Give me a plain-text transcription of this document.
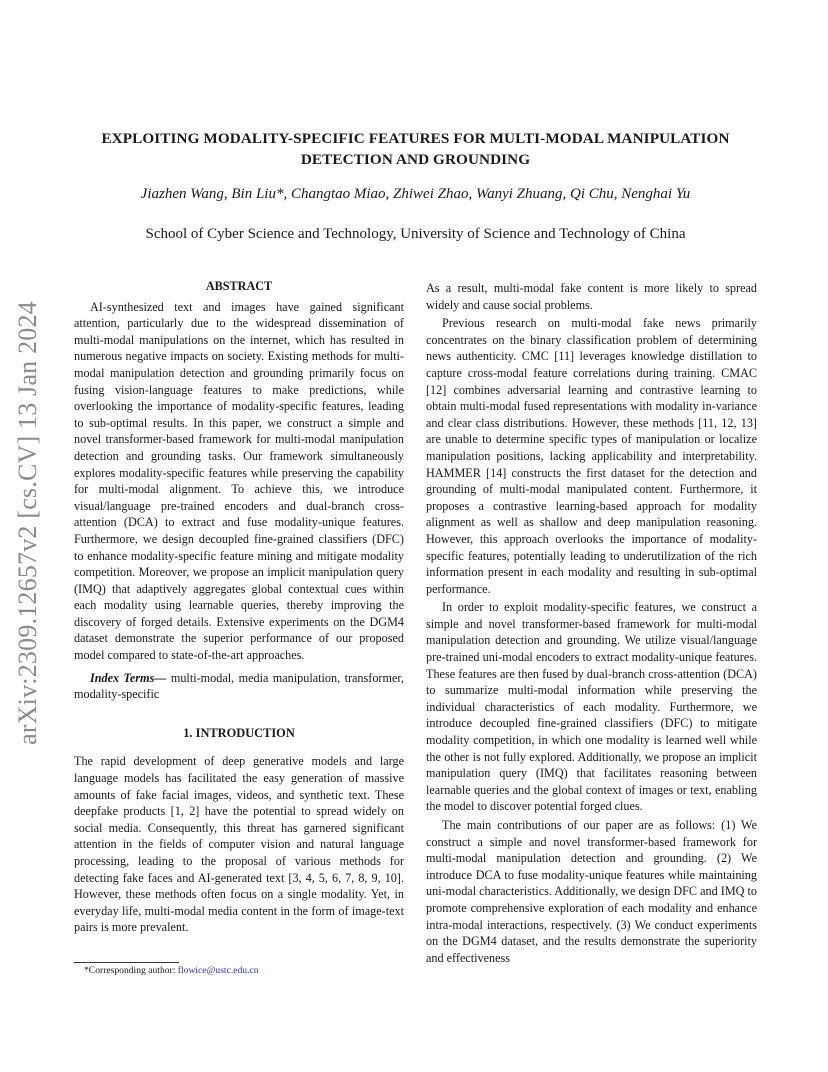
arXiv:2309.12657v2 [cs.CV] 13 Jan 2024
EXPLOITING MODALITY-SPECIFIC FEATURES FOR MULTI-MODAL MANIPULATION
DETECTION AND GROUNDING
Jiazhen Wang, Bin Liu*, Changtao Miao, Zhiwei Zhao, Wanyi Zhuang, Qi Chu, Nenghai Yu
School of Cyber Science and Technology, University of Science and Technology of China
ABSTRACT

AI-synthesized text and images have gained significant attention, particularly due to the widespread dissemination of multi-modal manipulations on the internet, which has resulted in numerous negative impacts on society. Existing methods for multi-modal manipulation detection and grounding primarily focus on fusing vision-language features to make predictions, while overlooking the importance of modality-specific features, leading to sub-optimal results. In this paper, we construct a simple and novel transformer-based framework for multi-modal manipulation detection and grounding tasks. Our framework simultaneously explores modality-specific features while preserving the capability for multi-modal alignment. To achieve this, we introduce visual/language pre-trained encoders and dual-branch cross-attention (DCA) to extract and fuse modality-unique features. Furthermore, we design decoupled fine-grained classifiers (DFC) to enhance modality-specific feature mining and mitigate modality competition. Moreover, we propose an implicit manipulation query (IMQ) that adaptively aggregates global contextual cues within each modality using learnable queries, thereby improving the discovery of forged details. Extensive experiments on the DGM4 dataset demonstrate the superior performance of our proposed model compared to state-of-the-art approaches.

Index Terms— multi-modal, media manipulation, transformer, modality-specific

1. INTRODUCTION

The rapid development of deep generative models and large language models has facilitated the easy generation of massive amounts of fake facial images, videos, and synthetic text. These deepfake products [1, 2] have the potential to spread widely on social media. Consequently, this threat has garnered significant attention in the fields of computer vision and natural language processing, leading to the proposal of various methods for detecting fake faces and AI-generated text [3, 4, 5, 6, 7, 8, 9, 10]. However, these methods often focus on a single modality. Yet, in everyday life, multi-modal media content in the form of image-text pairs is more prevalent.

*Corresponding author: flowice@ustc.edu.cn

As a result, multi-modal fake content is more likely to spread widely and cause social problems.

Previous research on multi-modal fake news primarily concentrates on the binary classification problem of determining news authenticity. CMC [11] leverages knowledge distillation to capture cross-modal feature correlations during training. CMAC [12] combines adversarial learning and contrastive learning to obtain multi-modal fused representations with modality in-variance and clear class distributions. However, these methods [11, 12, 13] are unable to determine specific types of manipulation or localize manipulation positions, lacking applicability and interpretability. HAMMER [14] constructs the first dataset for the detection and grounding of multi-modal manipulated content. Furthermore, it proposes a contrastive learning-based approach for modality alignment as well as shallow and deep manipulation reasoning. However, this approach overlooks the importance of modality-specific features, potentially leading to underutilization of the rich information present in each modality and resulting in sub-optimal performance.

In order to exploit modality-specific features, we construct a simple and novel transformer-based framework for multi-modal manipulation detection and grounding. We utilize visual/language pre-trained uni-modal encoders to extract modality-unique features. These features are then fused by dual-branch cross-attention (DCA) to summarize multi-modal information while preserving the individual characteristics of each modality. Furthermore, we introduce decoupled fine-grained classifiers (DFC) to mitigate modality competition, in which one modality is learned well while the other is not fully explored. Additionally, we propose an implicit manipulation query (IMQ) that facilitates reasoning between learnable queries and the global context of images or text, enabling the model to discover potential forged clues.

The main contributions of our paper are as follows: (1) We construct a simple and novel transformer-based framework for multi-modal manipulation detection and grounding. (2) We introduce DCA to fuse modality-unique features while maintaining uni-modal characteristics. Additionally, we design DFC and IMQ to promote comprehensive exploration of each modality and enhance intra-modal interactions, respectively. (3) We conduct experiments on the DGM4 dataset, and the results demonstrate the superiority and effectiveness
